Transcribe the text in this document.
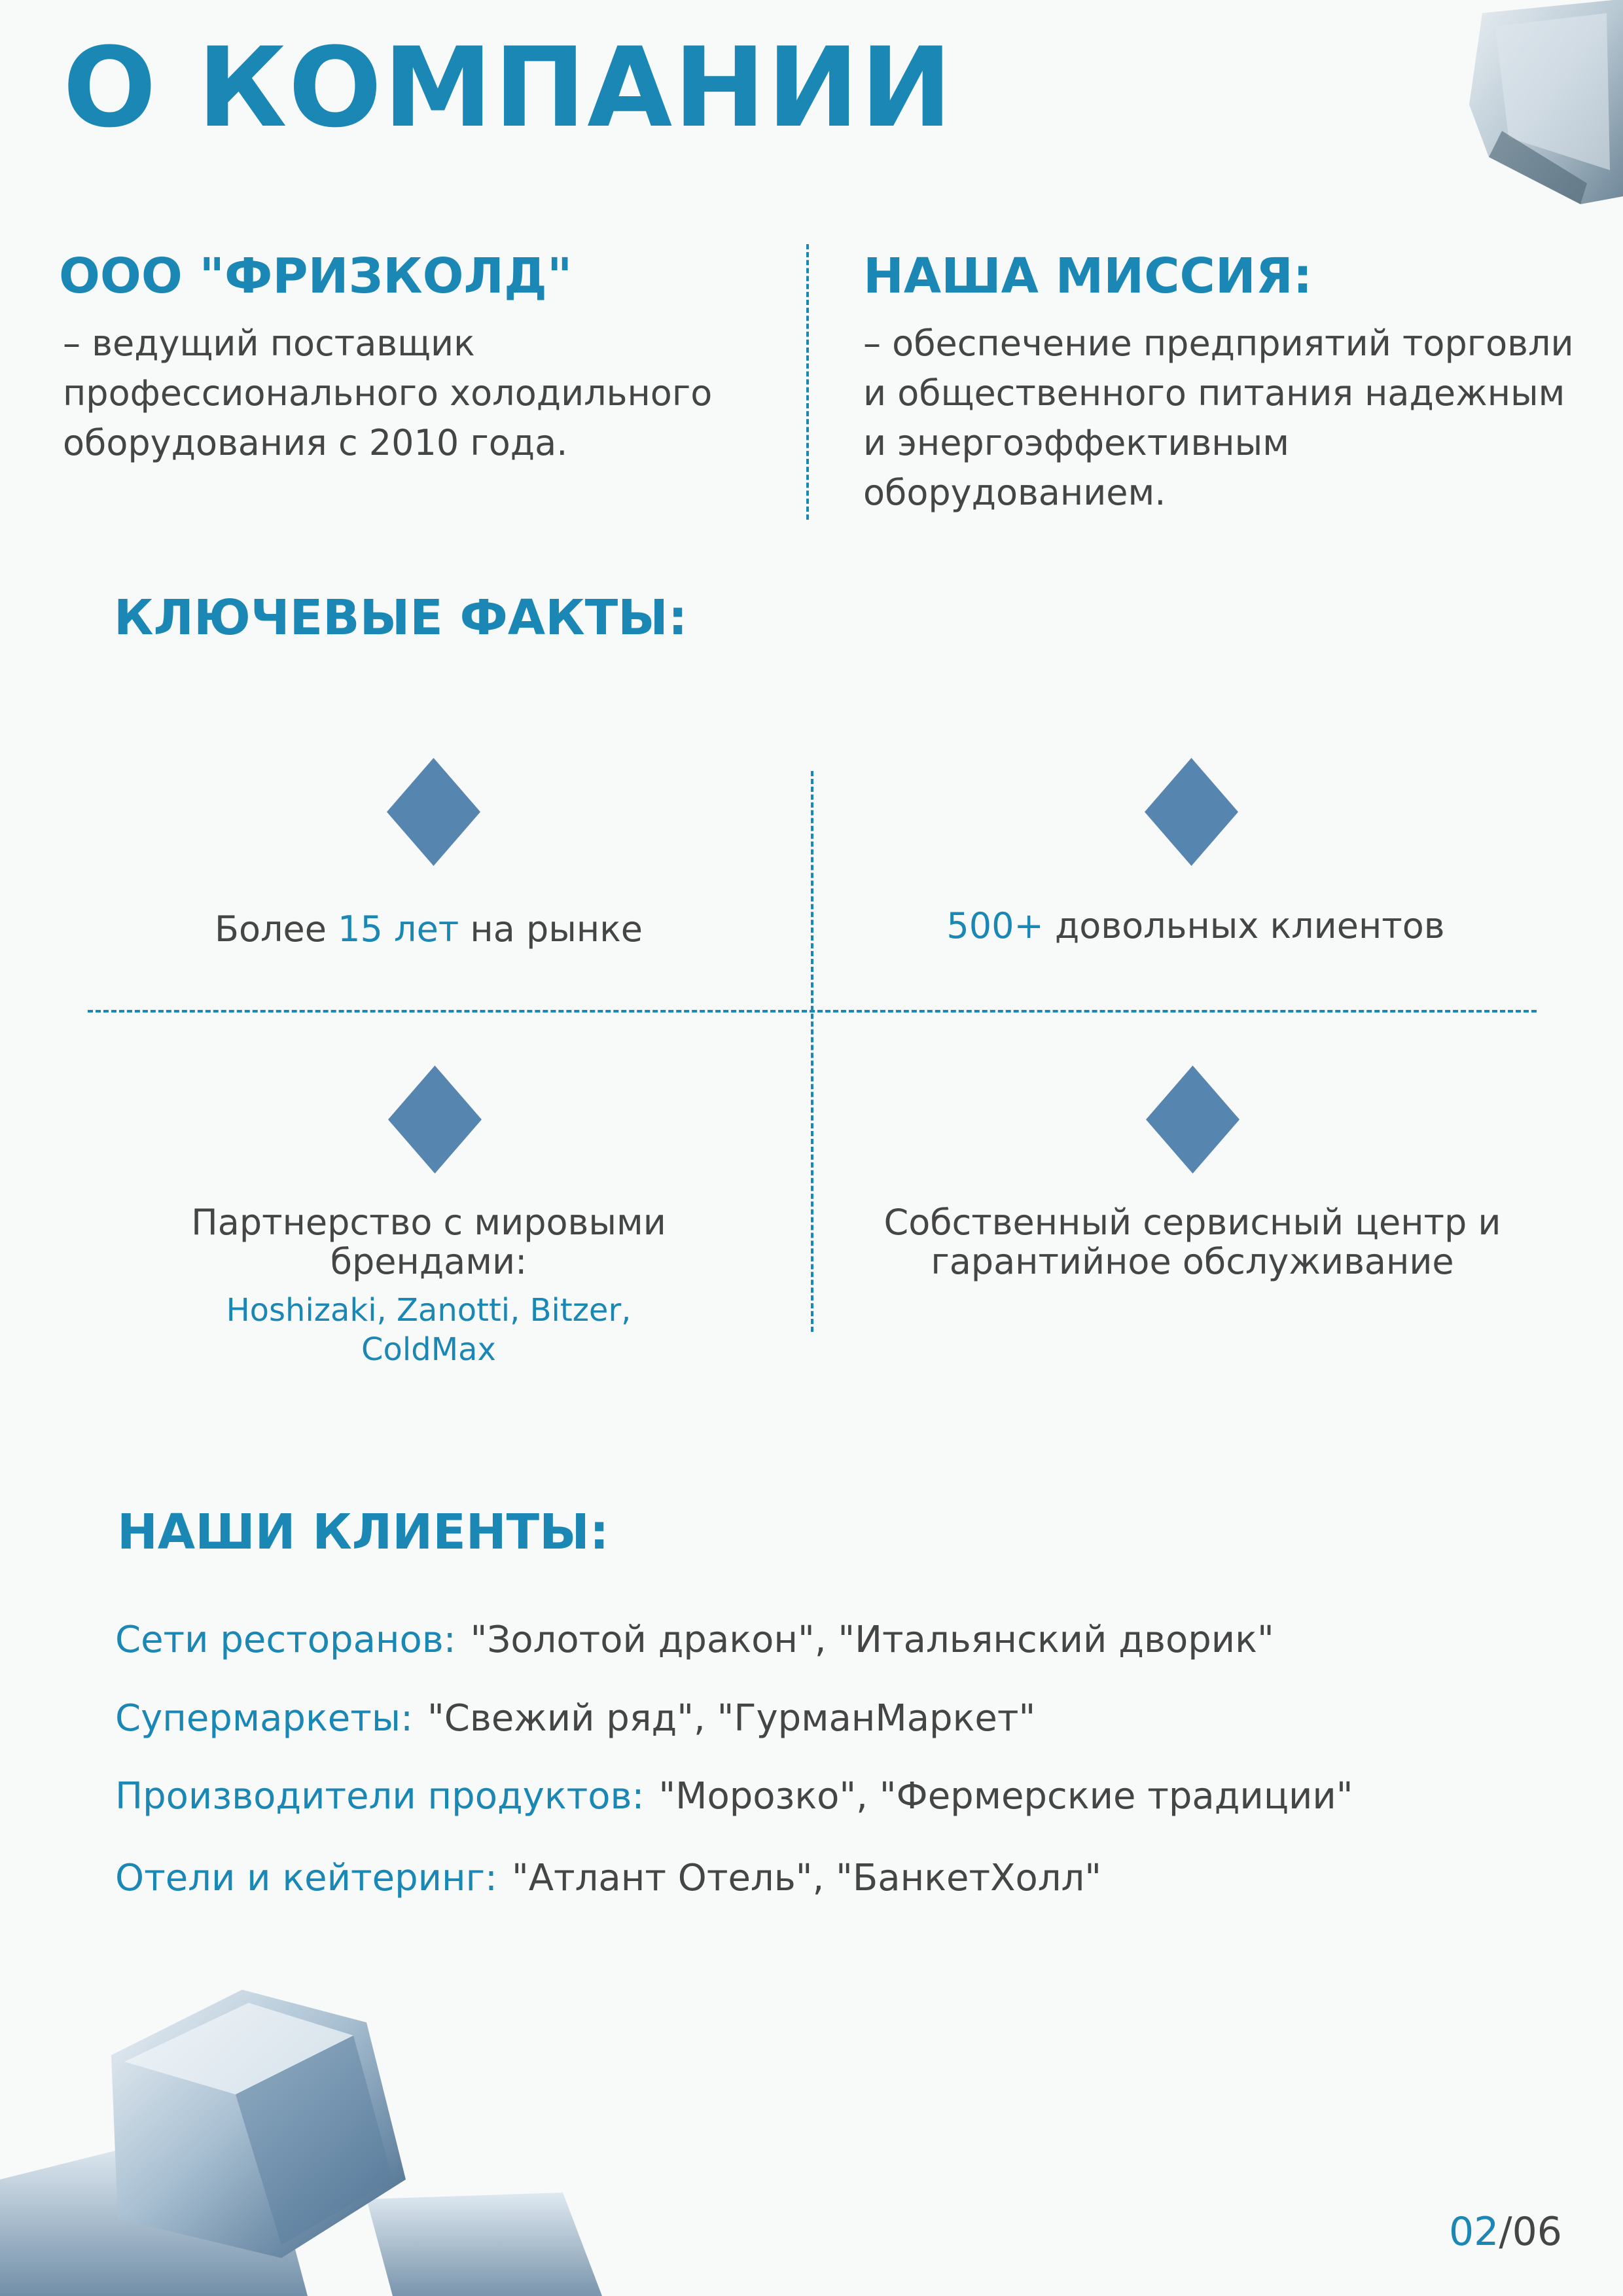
О КОМПАНИИ
ООО "ФРИЗКОЛД"
– ведущий поставщик профессионального холодильного оборудования с 2010 года.
НАША МИССИЯ:
– обеспечение предприятий торговли и общественного питания надежным и энергоэффективным оборудованием.
КЛЮЧЕВЫЕ ФАКТЫ:
Более 15 лет на рынке	500+ довольных клиентов
Партнерство с мировыми брендами:
Hoshizaki, Zanotti, Bitzer, ColdMax
Собственный сервисный центр и гарантийное обслуживание
НАШИ КЛИЕНТЫ:
Сети ресторанов: "Золотой дракон", "Итальянский дворик"
Супермаркеты: "Свежий ряд", "ГурманМаркет"
Производители продуктов: "Морозко", "Фермерские традиции"
Отели и кейтеринг: "Атлант Отель", "БанкетХолл"
02/06
